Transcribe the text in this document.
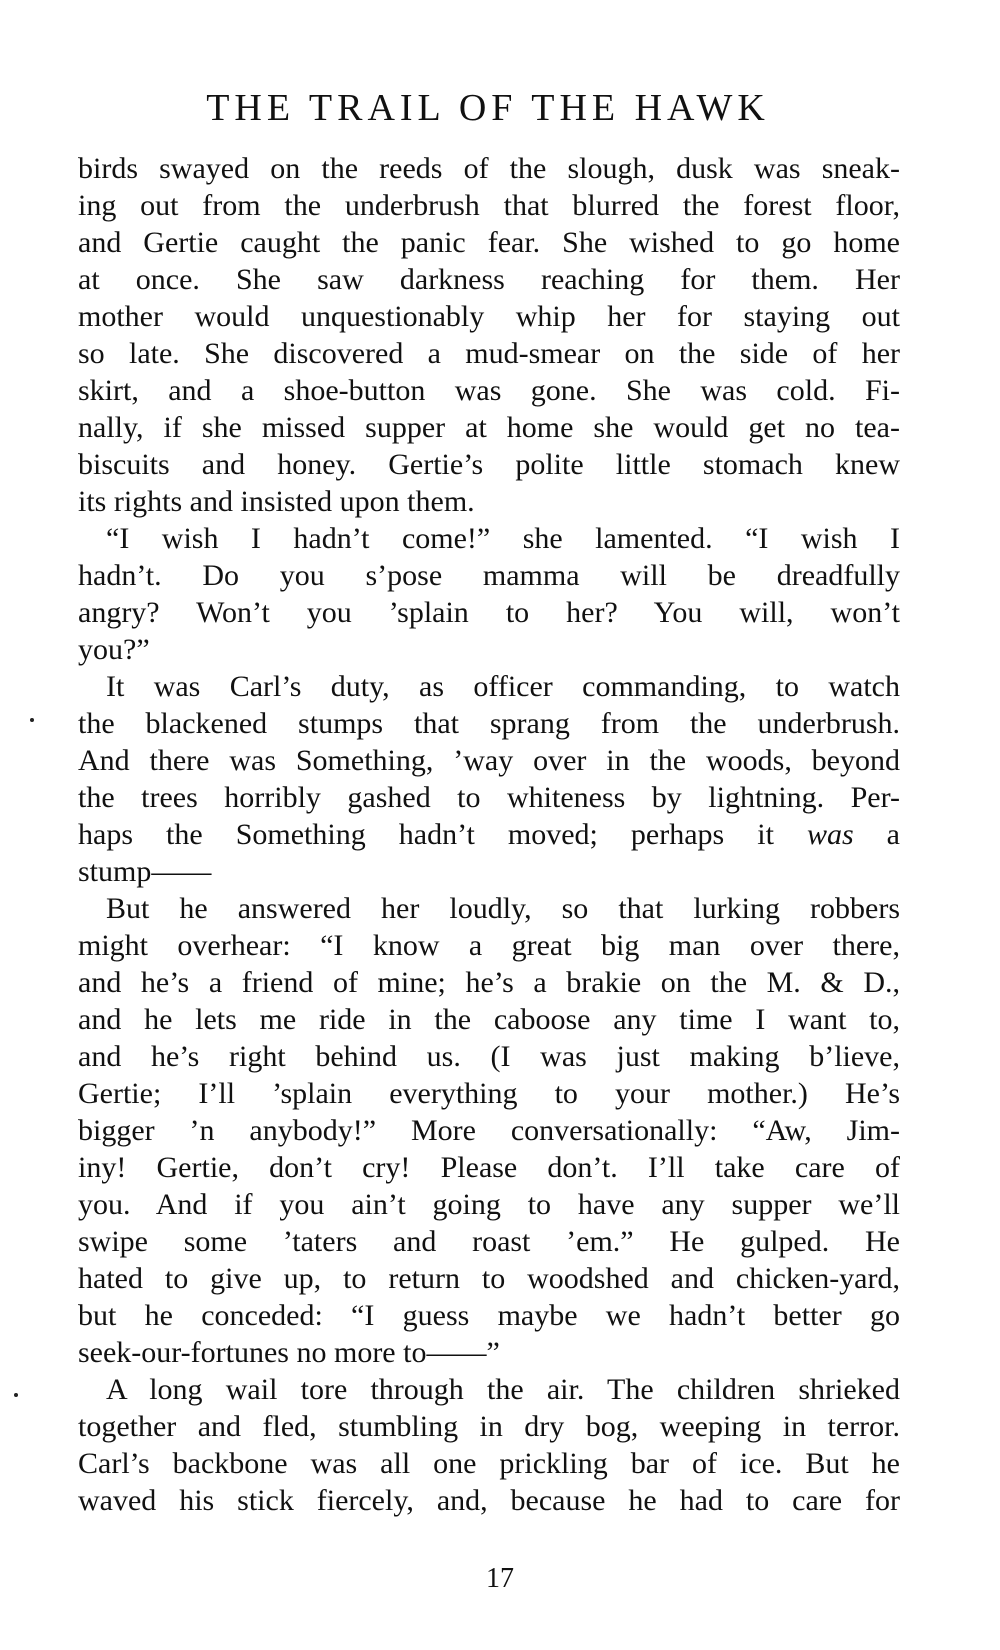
THE TRAIL OF THE HAWK
birds swayed on the reeds of the slough, dusk was sneak-
ing out from the underbrush that blurred the forest floor,
and Gertie caught the panic fear. She wished to go home
at once. She saw darkness reaching for them. Her
mother would unquestionably whip her for staying out
so late. She discovered a mud-smear on the side of her
skirt, and a shoe-button was gone. She was cold. Fi-
nally, if she missed supper at home she would get no tea-
biscuits and honey. Gertie’s polite little stomach knew
its rights and insisted upon them.
“I wish I hadn’t come!” she lamented. “I wish I
hadn’t. Do you s’pose mamma will be dreadfully
angry? Won’t you ’splain to her? You will, won’t
you?”
It was Carl’s duty, as officer commanding, to watch
the blackened stumps that sprang from the underbrush.
And there was Something, ’way over in the woods, beyond
the trees horribly gashed to whiteness by lightning. Per-
haps the Something hadn’t moved; perhaps it was a
stump——
But he answered her loudly, so that lurking robbers
might overhear: “I know a great big man over there,
and he’s a friend of mine; he’s a brakie on the M. & D.,
and he lets me ride in the caboose any time I want to,
and he’s right behind us. (I was just making b’lieve,
Gertie; I’ll ’splain everything to your mother.) He’s
bigger ’n anybody!” More conversationally: “Aw, Jim-
iny! Gertie, don’t cry! Please don’t. I’ll take care of
you. And if you ain’t going to have any supper we’ll
swipe some ’taters and roast ’em.” He gulped. He
hated to give up, to return to woodshed and chicken-yard,
but he conceded: “I guess maybe we hadn’t better go
seek-our-fortunes no more to——”
A long wail tore through the air. The children shrieked
together and fled, stumbling in dry bog, weeping in terror.
Carl’s backbone was all one prickling bar of ice. But he
waved his stick fiercely, and, because he had to care for
17
